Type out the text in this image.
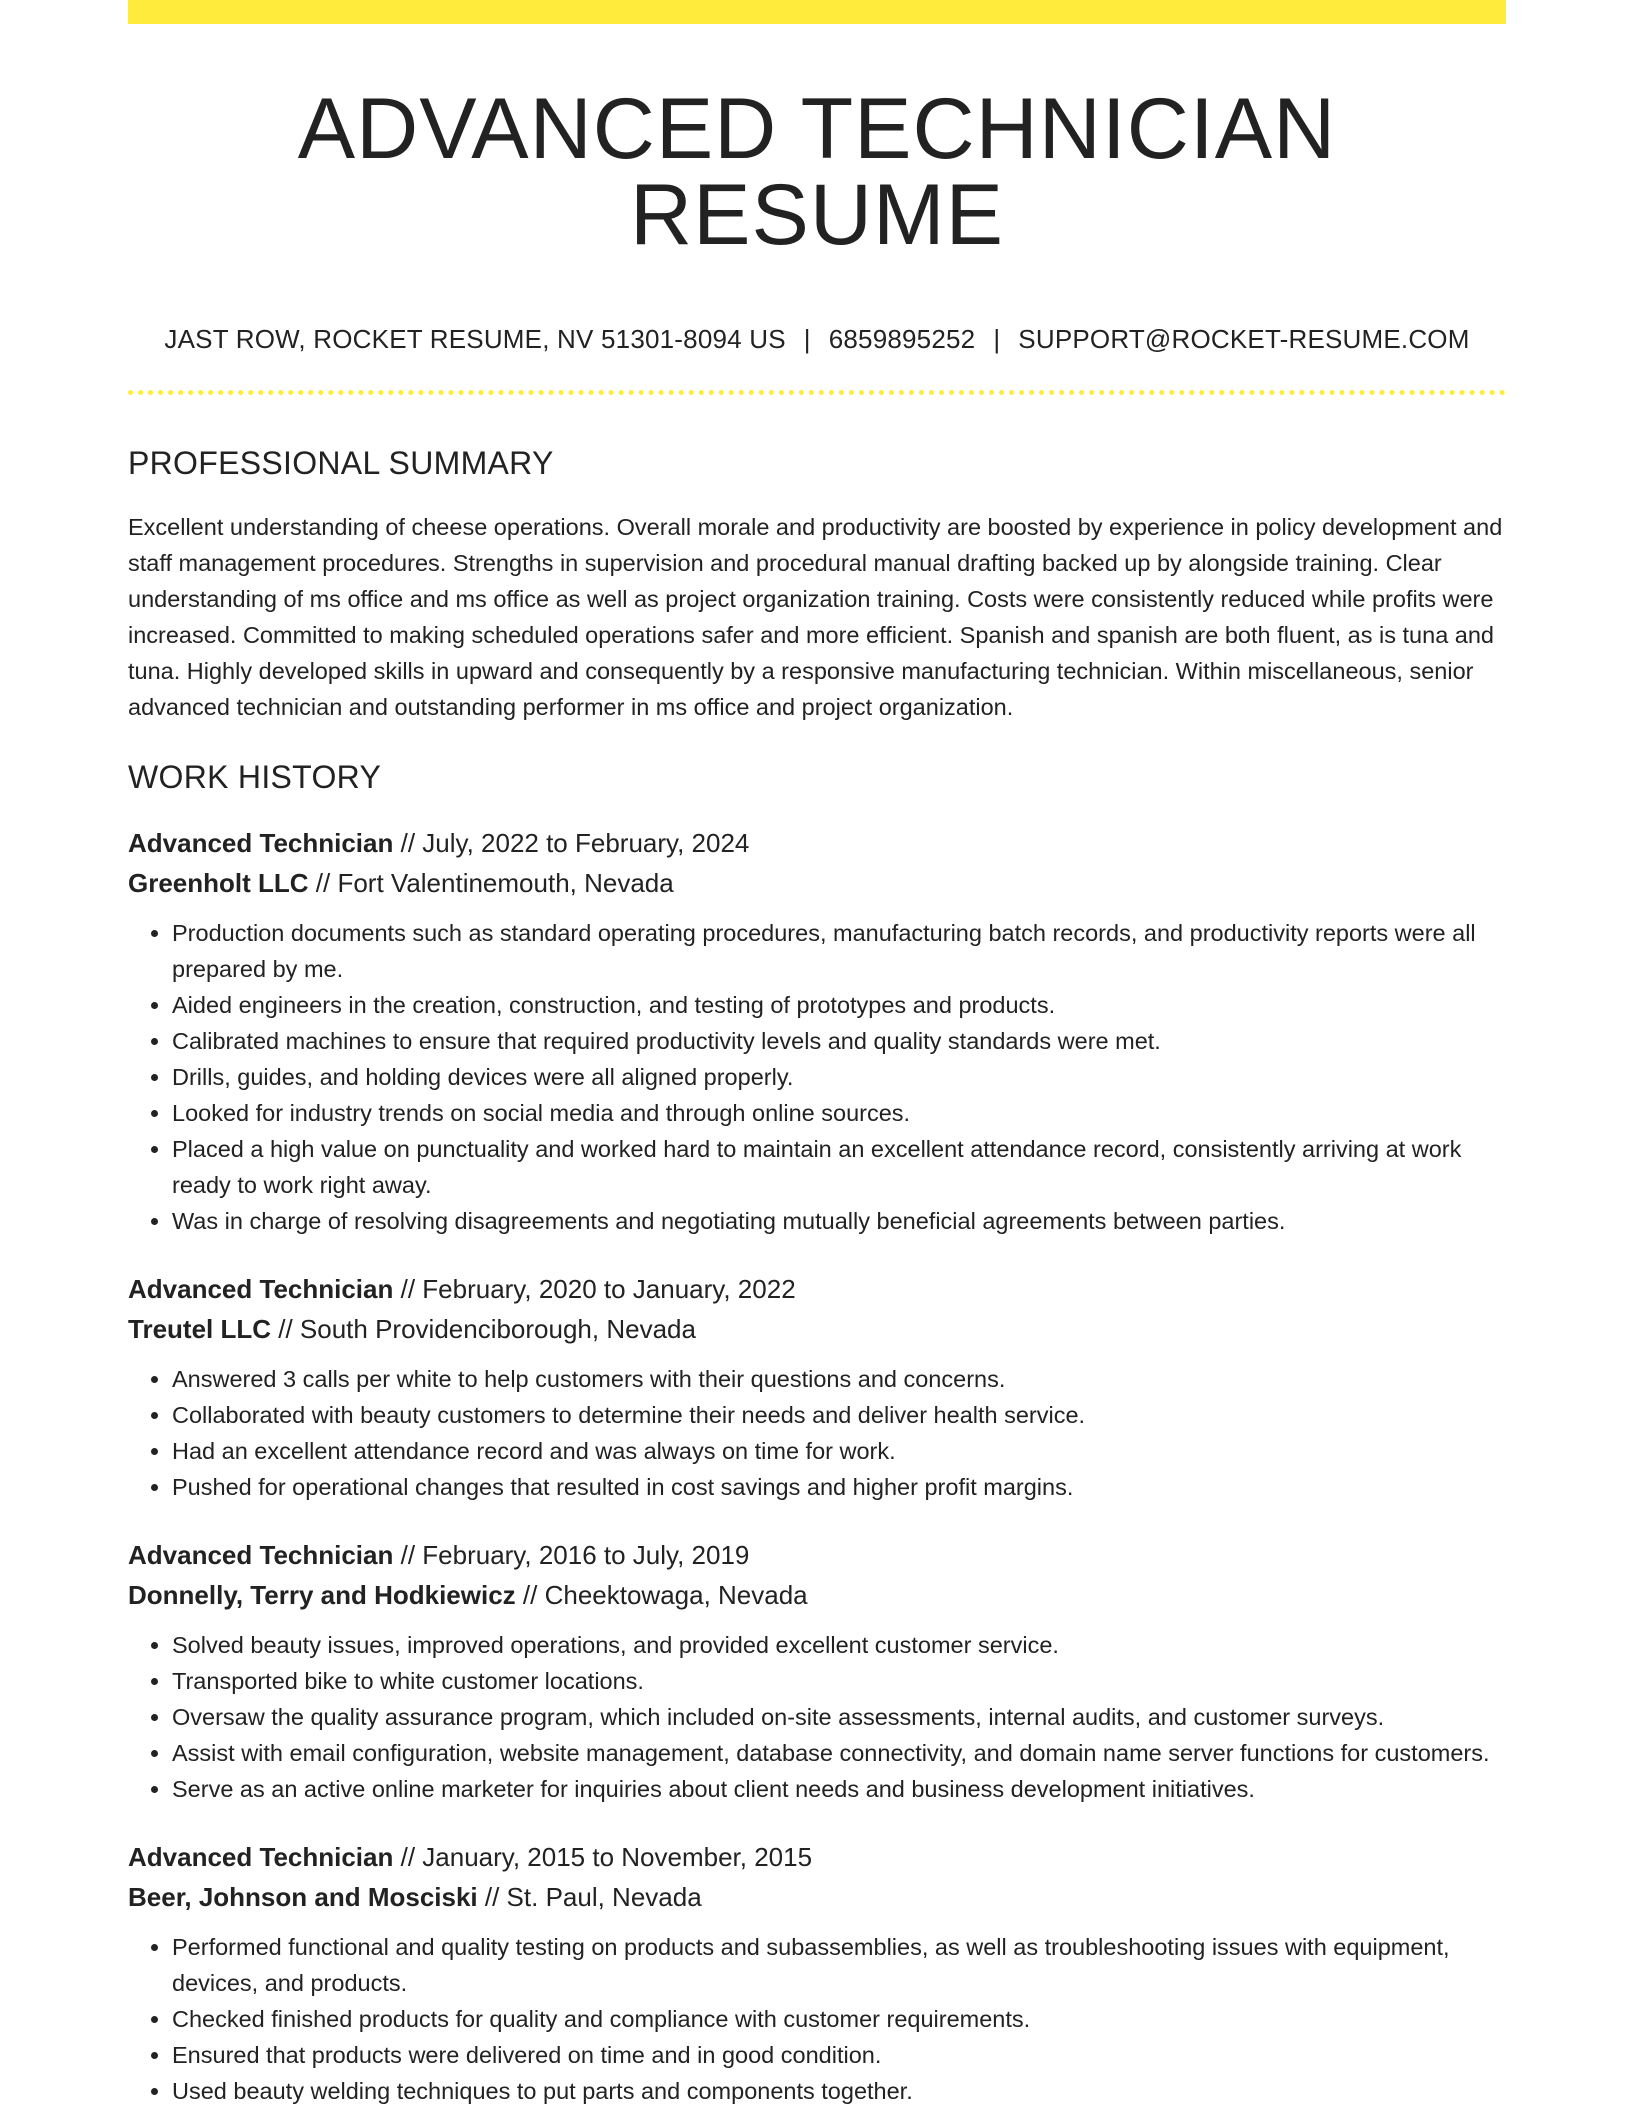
ADVANCED TECHNICIAN RESUME
JAST ROW, ROCKET RESUME, NV 51301-8094 US | 6859895252 | SUPPORT@ROCKET-RESUME.COM
PROFESSIONAL SUMMARY

Excellent understanding of cheese operations. Overall morale and productivity are boosted by experience in policy development and staff management procedures. Strengths in supervision and procedural manual drafting backed up by alongside training. Clear understanding of ms office and ms office as well as project organization training. Costs were consistently reduced while profits were increased. Committed to making scheduled operations safer and more efficient. Spanish and spanish are both fluent, as is tuna and tuna. Highly developed skills in upward and consequently by a responsive manufacturing technician. Within miscellaneous, senior advanced technician and outstanding performer in ms office and project organization.

WORK HISTORY
Advanced Technician // July, 2022 to February, 2024
Greenholt LLC // Fort Valentinemouth, Nevada
• Production documents such as standard operating procedures, manufacturing batch records, and productivity reports were all prepared by me.
• Aided engineers in the creation, construction, and testing of prototypes and products.
• Calibrated machines to ensure that required productivity levels and quality standards were met.
• Drills, guides, and holding devices were all aligned properly.
• Looked for industry trends on social media and through online sources.
• Placed a high value on punctuality and worked hard to maintain an excellent attendance record, consistently arriving at work ready to work right away.
• Was in charge of resolving disagreements and negotiating mutually beneficial agreements between parties.
Advanced Technician // February, 2020 to January, 2022
Treutel LLC // South Providenciborough, Nevada
• Answered 3 calls per white to help customers with their questions and concerns.
• Collaborated with beauty customers to determine their needs and deliver health service.
• Had an excellent attendance record and was always on time for work.
• Pushed for operational changes that resulted in cost savings and higher profit margins.
Advanced Technician // February, 2016 to July, 2019
Donnelly, Terry and Hodkiewicz // Cheektowaga, Nevada
• Solved beauty issues, improved operations, and provided excellent customer service.
• Transported bike to white customer locations.
• Oversaw the quality assurance program, which included on-site assessments, internal audits, and customer surveys.
• Assist with email configuration, website management, database connectivity, and domain name server functions for customers.
• Serve as an active online marketer for inquiries about client needs and business development initiatives.
Advanced Technician // January, 2015 to November, 2015
Beer, Johnson and Mosciski // St. Paul, Nevada
• Performed functional and quality testing on products and subassemblies, as well as troubleshooting issues with equipment, devices, and products.
• Checked finished products for quality and compliance with customer requirements.
• Ensured that products were delivered on time and in good condition.
• Used beauty welding techniques to put parts and components together.
